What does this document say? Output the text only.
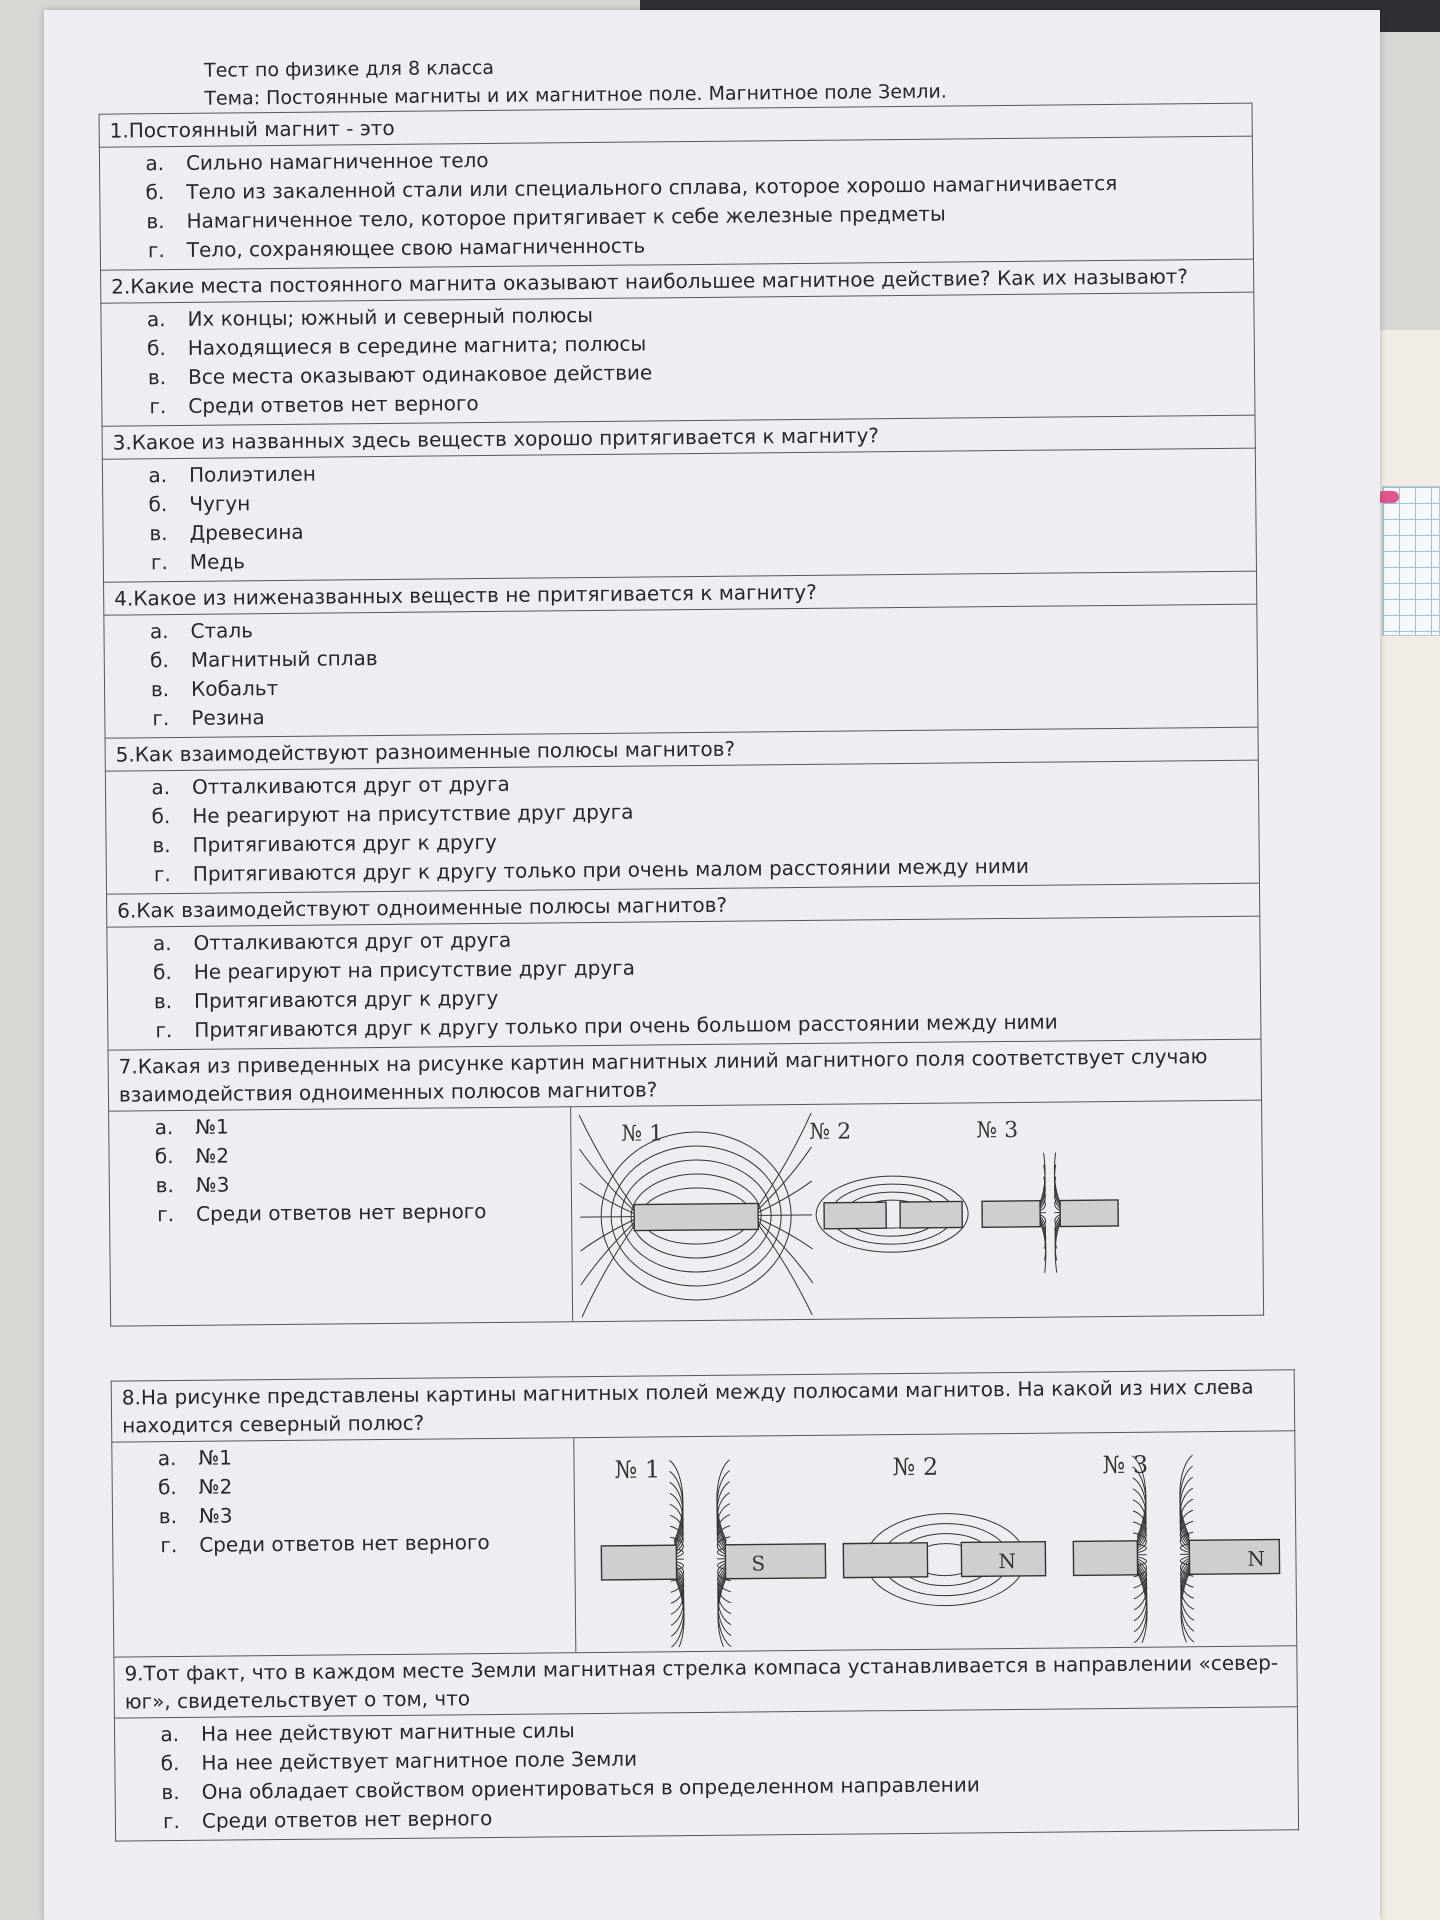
Тест по физике для 8 класса
Тема: Постоянные магниты и их магнитное поле. Магнитное поле Земли.
1.Постоянный магнит - это

а.	Сильно намагниченное тело
б.	Тело из закаленной стали или специального сплава, которое хорошо намагничивается
в.	Намагниченное тело, которое притягивает к себе железные предметы
г.	Тело, сохраняющее свою намагниченность

2.Какие места постоянного магнита оказывают наибольшее магнитное действие? Как их называют?

а.	Их концы; южный и северный полюсы
б.	Находящиеся в середине магнита; полюсы
в.	Все места оказывают одинаковое действие
г.	Среди ответов нет верного

3.Какое из названных здесь веществ хорошо притягивается к магниту?

а.	Полиэтилен
б.	Чугун
в.	Древесина
г.	Медь

4.Какое из ниженазванных веществ не притягивается к магниту?

а.	Сталь
б.	Магнитный сплав
в.	Кобальт
г.	Резина

5.Как взаимодействуют разноименные полюсы магнитов?

а.	Отталкиваются друг от друга
б.	Не реагируют на присутствие друг друга
в.	Притягиваются друг к другу
г.	Притягиваются друг к другу только при очень малом расстоянии между ними

6.Как взаимодействуют одноименные полюсы магнитов?

а.	Отталкиваются друг от друга
б.	Не реагируют на присутствие друг друга
в.	Притягиваются друг к другу
г.	Притягиваются друг к другу только при очень большом расстоянии между ними

7.Какая из приведенных на рисунке картин магнитных линий магнитного поля соответствует случаю взаимодействия одноименных полюсов магнитов?

а.	№1
б.	№2
в.	№3
г.	Среди ответов нет верного
№ 1	№ 2	№ 3
8.На рисунке представлены картины магнитных полей между полюсами магнитов. На какой из них слева находится северный полюс?

а.	№1
б.	№2
в.	№3
г.	Среди ответов нет верного
№ 1	№ 2	№ 3
S	N	N

9.Тот факт, что в каждом месте Земли магнитная стрелка компаса устанавливается в направлении «север-юг», свидетельствует о том, что

а.	На нее действуют магнитные силы
б.	На нее действует магнитное поле Земли
в.	Она обладает свойством ориентироваться в определенном направлении
г.	Среди ответов нет верного
